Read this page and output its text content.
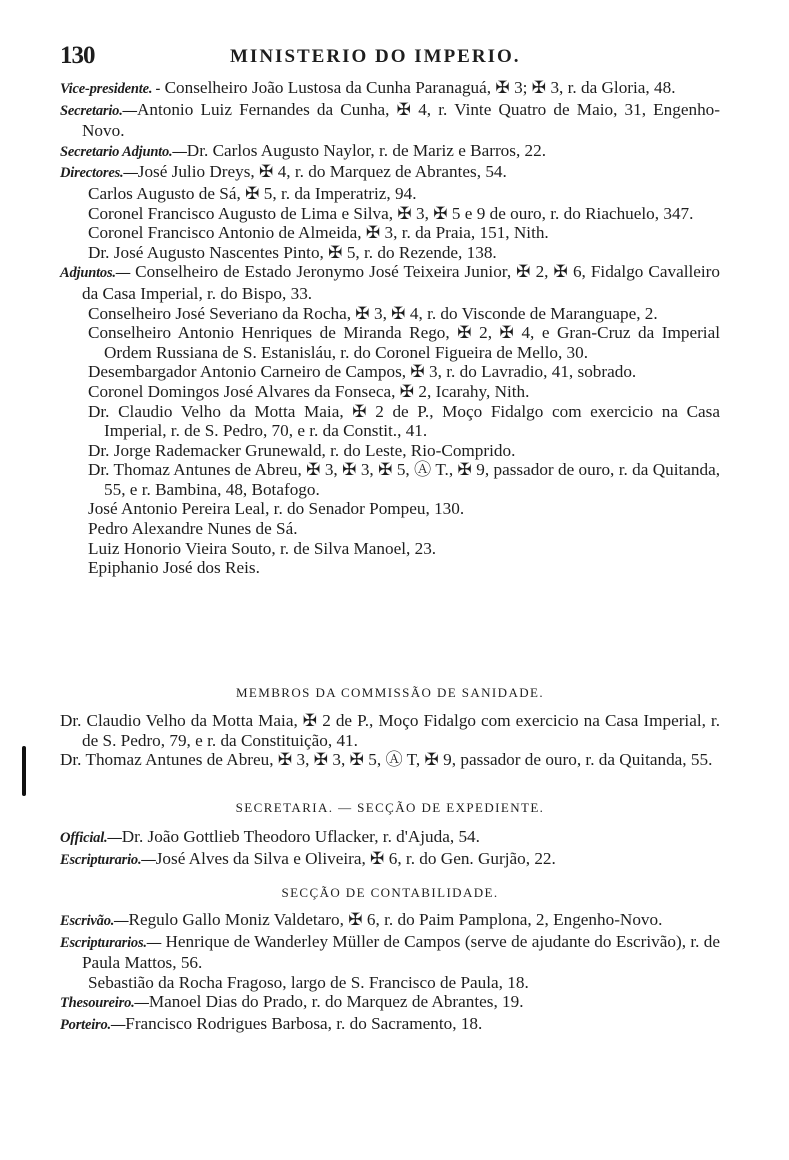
130	MINISTERIO DO IMPERIO.

Vice-presidente. - Conselheiro João Lustosa da Cunha Paranaguá, ✠ 3; ✠ 3, r. da Gloria, 48.

Secretario.—Antonio Luiz Fernandes da Cunha, ✠ 4, r. Vinte Quatro de Maio, 31, Engenho-Novo.

Secretario Adjunto.—Dr. Carlos Augusto Naylor, r. de Mariz e Barros, 22.

Directores.—José Julio Dreys, ✠ 4, r. do Marquez de Abrantes, 54.

Carlos Augusto de Sá, ✠ 5, r. da Imperatriz, 94.

Coronel Francisco Augusto de Lima e Silva, ✠ 3, ✠ 5 e 9 de ouro, r. do Riachuelo, 347.

Coronel Francisco Antonio de Almeida, ✠ 3, r. da Praia, 151, Nith.

Dr. José Augusto Nascentes Pinto, ✠ 5, r. do Rezende, 138.

Adjuntos.— Conselheiro de Estado Jeronymo José Teixeira Junior, ✠ 2, ✠ 6, Fidalgo Cavalleiro da Casa Imperial, r. do Bispo, 33.

Conselheiro José Severiano da Rocha, ✠ 3, ✠ 4, r. do Visconde de Maranguape, 2.

Conselheiro Antonio Henriques de Miranda Rego, ✠ 2, ✠ 4, e Gran-Cruz da Imperial Ordem Russiana de S. Estanisláu, r. do Coronel Figueira de Mello, 30.

Desembargador Antonio Carneiro de Campos, ✠ 3, r. do Lavradio, 41, sobrado.

Coronel Domingos José Alvares da Fonseca, ✠ 2, Icarahy, Nith.

Dr. Claudio Velho da Motta Maia, ✠ 2 de P., Moço Fidalgo com exercicio na Casa Imperial, r. de S. Pedro, 70, e r. da Constit., 41.

Dr. Jorge Rademacker Grunewald, r. do Leste, Rio-Comprido.

Dr. Thomaz Antunes de Abreu, ✠ 3, ✠ 3, ✠ 5, Ⓐ T., ✠ 9, passador de ouro, r. da Quitanda, 55, e r. Bambina, 48, Botafogo.

José Antonio Pereira Leal, r. do Senador Pompeu, 130.

Pedro Alexandre Nunes de Sá.

Luiz Honorio Vieira Souto, r. de Silva Manoel, 23.

Epiphanio José dos Reis.

MEMBROS DA COMMISSÃO DE SANIDADE.

Dr. Claudio Velho da Motta Maia, ✠ 2 de P., Moço Fidalgo com exercicio na Casa Imperial, r. de S. Pedro, 79, e r. da Constituição, 41.

Dr. Thomaz Antunes de Abreu, ✠ 3, ✠ 3, ✠ 5, Ⓐ T, ✠ 9, passador de ouro, r. da Quitanda, 55.

SECRETARIA. — SECÇÃO DE EXPEDIENTE.

Official.—Dr. João Gottlieb Theodoro Uflacker, r. d'Ajuda, 54.

Escripturario.—José Alves da Silva e Oliveira, ✠ 6, r. do Gen. Gurjão, 22.

SECÇÃO DE CONTABILIDADE.

Escrivão.—Regulo Gallo Moniz Valdetaro, ✠ 6, r. do Paim Pamplona, 2, Engenho-Novo.

Escripturarios.— Henrique de Wanderley Müller de Campos (serve de ajudante do Escrivão), r. de Paula Mattos, 56.

Sebastião da Rocha Fragoso, largo de S. Francisco de Paula, 18.

Thesoureiro.—Manoel Dias do Prado, r. do Marquez de Abrantes, 19.

Porteiro.—Francisco Rodrigues Barbosa, r. do Sacramento, 18.
